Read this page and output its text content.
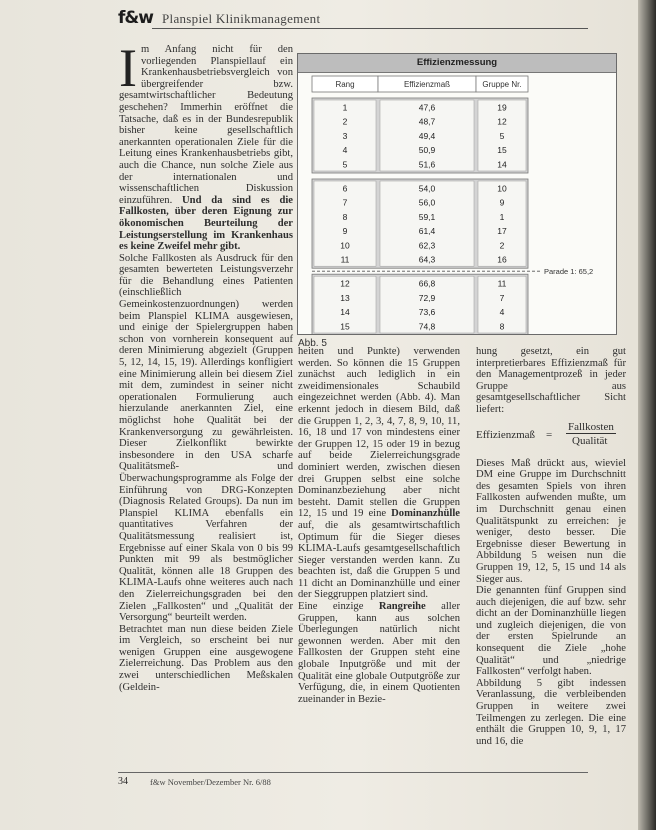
f&w Planspiel Klinikmanagement

I m Anfang nicht für den vorliegenden Planspiellauf ein Krankenhausbetriebsvergleich von übergreifender bzw. gesamtwirtschaftlicher Bedeutung geschehen? Immerhin eröffnet die Tatsache, daß es in der Bundesrepublik bisher keine gesellschaftlich anerkannten operationalen Ziele für die Leitung eines Krankenhausbetriebs gibt, auch die Chance, nun solche Ziele aus der internationalen und wissenschaftlichen Diskussion einzuführen. Und da sind es die Fallkosten, über deren Eignung zur ökonomischen Beurteilung der Leistungserstellung im Krankenhaus es keine Zweifel mehr gibt.

Solche Fallkosten als Ausdruck für den gesamten bewerteten Leistungsverzehr für die Behandlung eines Patienten (einschließlich Gemeinkostenzuordnungen) werden beim Planspiel KLIMA ausgewiesen, und einige der Spielergruppen haben schon von vornherein konsequent auf deren Minimierung abgezielt (Gruppen 5, 12, 14, 15, 19). Allerdings konfligiert eine Minimierung allein bei diesem Ziel mit dem, zumindest in seiner nicht operationalen Formulierung auch hierzulande anerkannten Ziel, eine möglichst hohe Qualität bei der Krankenversorgung zu gewährleisten. Dieser Zielkonflikt bewirkte insbesondere in den USA scharfe Qualitätsmeß- und Überwachungsprogramme als Folge der Einführung von DRG-Konzepten (Diagnosis Related Groups). Da nun im Planspiel KLIMA ebenfalls ein quantitatives Verfahren der Qualitätsmessung realisiert ist, Ergebnisse auf einer Skala von 0 bis 99 Punkten mit 99 als bestmöglicher Qualität, können alle 18 Gruppen des KLIMA-Laufs ohne weiteres auch nach den Zielerreichungsgraden bei den Zielen „Fallkosten“ und „Qualität der Versorgung“ beurteilt werden.

Betrachtet man nun diese beiden Ziele im Vergleich, so erscheint bei nur wenigen Gruppen eine ausgewogene Zielerreichung. Das Problem aus den zwei unterschiedlichen Meßskalen (Geldein-

Effizienzmessung
Rang	Effizienzmaß	Gruppe Nr.
1	47,6	19
2	48,7	12
3	49,4	5
4	50,9	15
5	51,6	14
6	54,0	10
7	56,0	9
8	59,1	1
9	61,4	17
10	62,3	2
11	64,3	16
12	66,8	11
13	72,9	7
14	73,6	4
15	74,8	8
Parade 1: 65,2
Abb. 5

heiten und Punkte) verwenden werden. So können die 15 Gruppen zunächst auch lediglich in ein zweidimensionales Schaubild eingezeichnet werden (Abb. 4). Man erkennt jedoch in diesem Bild, daß die Gruppen 1, 2, 3, 4, 7, 8, 9, 10, 11, 16, 18 und 17 von mindestens einer der Gruppen 12, 15 oder 19 in bezug auf beide Zielerreichungsgrade dominiert werden, zwischen diesen drei Gruppen selbst eine solche Dominanzbeziehung aber nicht besteht. Damit stellen die Gruppen 12, 15 und 19 eine Dominanzhülle auf, die als gesamtwirtschaftlich Optimum für die Sieger dieses KLIMA-Laufs gesamtgesellschaftlich Sieger verstanden werden kann. Zu beachten ist, daß die Gruppen 5 und 11 dicht an Dominanzhülle und einer der Sieggruppen platziert sind.

Eine einzige Rangreihe aller Gruppen, kann aus solchen Überlegungen natürlich nicht gewonnen werden. Aber mit den Fallkosten der Gruppen steht eine globale Inputgröße und mit der Qualität eine globale Outputgröße zur Verfügung, die, in einem Quotienten zueinander in Bezie-

hung gesetzt, ein gut interpretierbares Effizienzmaß für den Managementprozeß in jeder Gruppe aus gesamtgesellschaftlicher Sicht liefert:

Effizienzmaß =
Fallkosten
Qualität

Dieses Maß drückt aus, wieviel DM eine Gruppe im Durchschnitt des gesamten Spiels von ihren Fallkosten aufwenden mußte, um im Durchschnitt genau einen Qualitätspunkt zu erreichen: je weniger, desto besser. Die Ergebnisse dieser Bewertung in Abbildung 5 weisen nun die Gruppen 19, 12, 5, 15 und 14 als Sieger aus.

Die genannten fünf Gruppen sind auch diejenigen, die auf bzw. sehr dicht an der Dominanzhülle liegen und zugleich diejenigen, die von der ersten Spielrunde an konsequent die Ziele „hohe Qualität“ und „niedrige Fallkosten“ verfolgt haben.

Abbildung 5 gibt indessen Veranlassung, die verbleibenden Gruppen in weitere zwei Teilmengen zu zerlegen. Die eine enthält die Gruppen 10, 9, 1, 17 und 16, die

34	f&w November/Dezember Nr. 6/88
